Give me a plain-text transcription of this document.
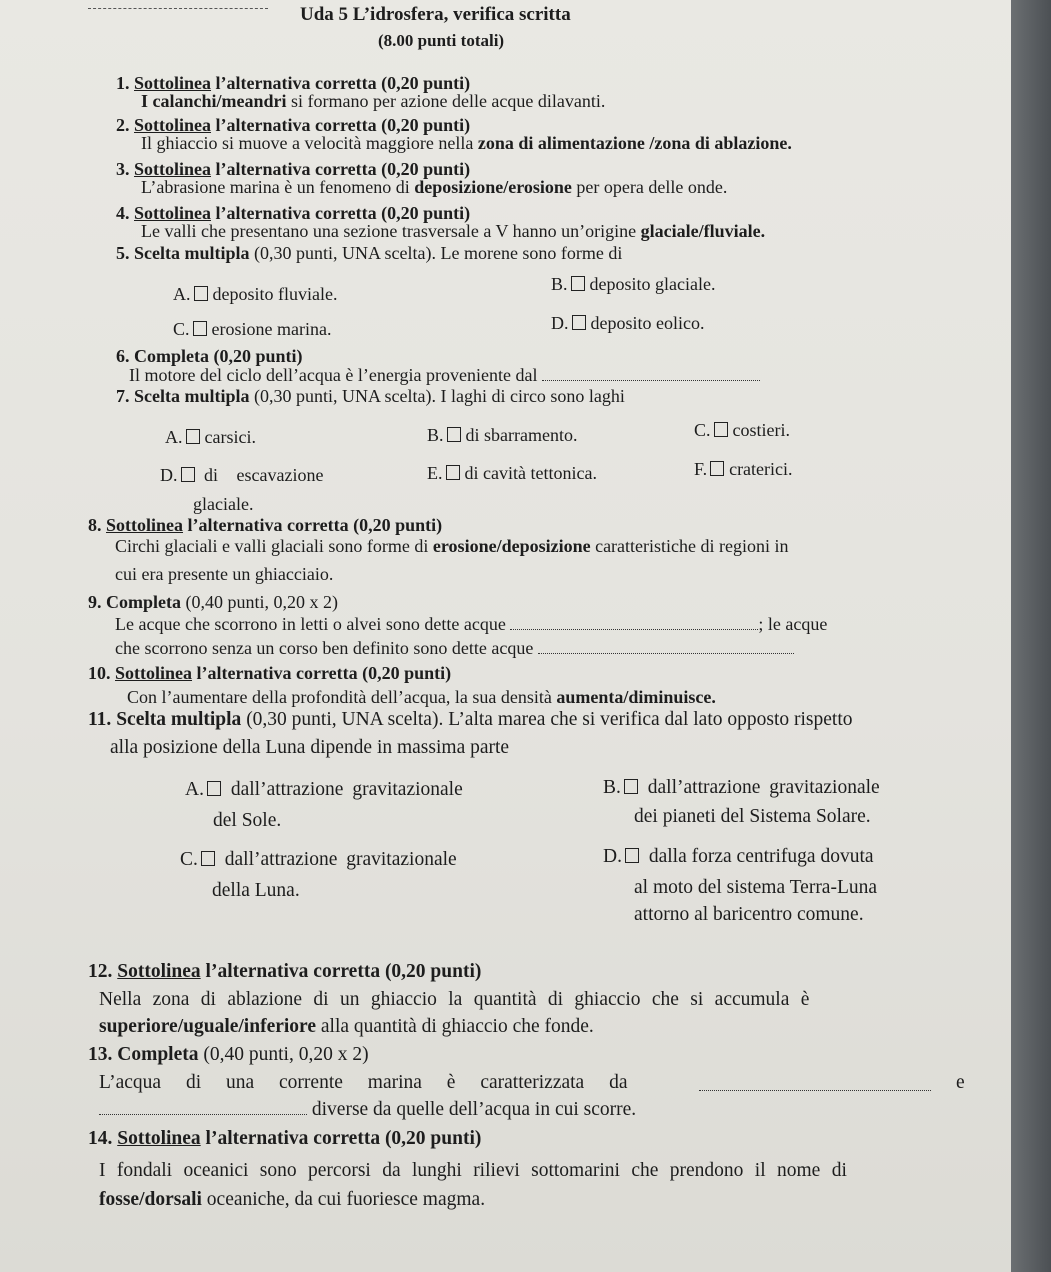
Uda 5 L’idrosfera, verifica scritta
(8.00 punti totali)
1. Sottolinea l’alternativa corretta (0,20 punti)
I calanchi/meandri si formano per azione delle acque dilavanti.
2. Sottolinea l’alternativa corretta (0,20 punti)
Il ghiaccio si muove a velocità maggiore nella zona di alimentazione /zona di ablazione.
3. Sottolinea l’alternativa corretta (0,20 punti)
L’abrasione marina è un fenomeno di deposizione/erosione per opera delle onde.
4. Sottolinea l’alternativa corretta (0,20 punti)
Le valli che presentano una sezione trasversale a V hanno un’origine glaciale/fluviale.
5. Scelta multipla (0,30 punti, UNA scelta). Le morene sono forme di
A. deposito fluviale.	B. deposito glaciale.
C. erosione marina.	D. deposito eolico.
6. Completa (0,20 punti)
Il motore del ciclo dell’acqua è l’energia proveniente dal
7. Scelta multipla (0,30 punti, UNA scelta). I laghi di circo sono laghi
A. carsici.	B. di sbarramento.	C. costieri.
D. di escavazione
glaciale.
E. di cavità tettonica.	F. craterici.
8. Sottolinea l’alternativa corretta (0,20 punti)
Circhi glaciali e valli glaciali sono forme di erosione/deposizione caratteristiche di regioni in
cui era presente un ghiacciaio.
9. Completa (0,40 punti, 0,20 x 2)
Le acque che scorrono in letti o alvei sono dette acque	; le acque
che scorrono senza un corso ben definito sono dette acque
10. Sottolinea l’alternativa corretta (0,20 punti)
Con l’aumentare della profondità dell’acqua, la sua densità aumenta/diminuisce.
11. Scelta multipla (0,30 punti, UNA scelta). L’alta marea che si verifica dal lato opposto rispetto
alla posizione della Luna dipende in massima parte
A. dall’attrazione gravitazionale
del Sole.
B. dall’attrazione gravitazionale
dei pianeti del Sistema Solare.
C. dall’attrazione gravitazionale
della Luna.
D. dalla forza centrifuga dovuta
al moto del sistema Terra-Luna
attorno al baricentro comune.
12. Sottolinea l’alternativa corretta (0,20 punti)
Nella zona di ablazione di un ghiaccio la quantità di ghiaccio che si accumula è
superiore/uguale/inferiore alla quantità di ghiaccio che fonde.
13. Completa (0,40 punti, 0,20 x 2)
L’acqua di una corrente marina è caratterizzata da	e
diverse da quelle dell’acqua in cui scorre.
14. Sottolinea l’alternativa corretta (0,20 punti)
I fondali oceanici sono percorsi da lunghi rilievi sottomarini che prendono il nome di
fosse/dorsali oceaniche, da cui fuoriesce magma.
